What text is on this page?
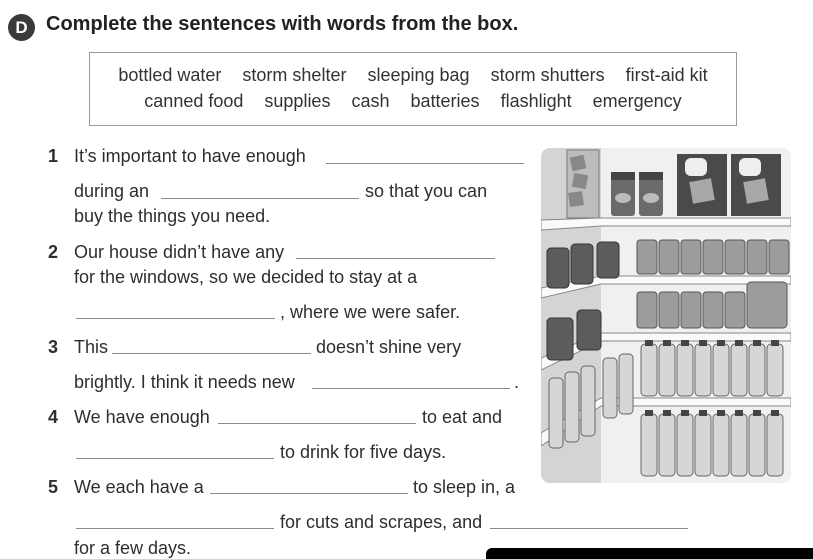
D Complete the sentences with words from the box.
bottled water storm shelter sleeping bag storm shutters first-aid kit
canned food supplies cash batteries flashlight emergency
1 It’s important to have enough
during an	so that you can
buy the things you need.
2 Our house didn’t have any
for the windows, so we decided to stay at a
, where we were safer.
3 This	doesn’t shine very
brightly. I think it needs new	.
4 We have enough	to eat and
to drink for five days.
5 We each have a	to sleep in, a
for cuts and scrapes, and
for a few days.
